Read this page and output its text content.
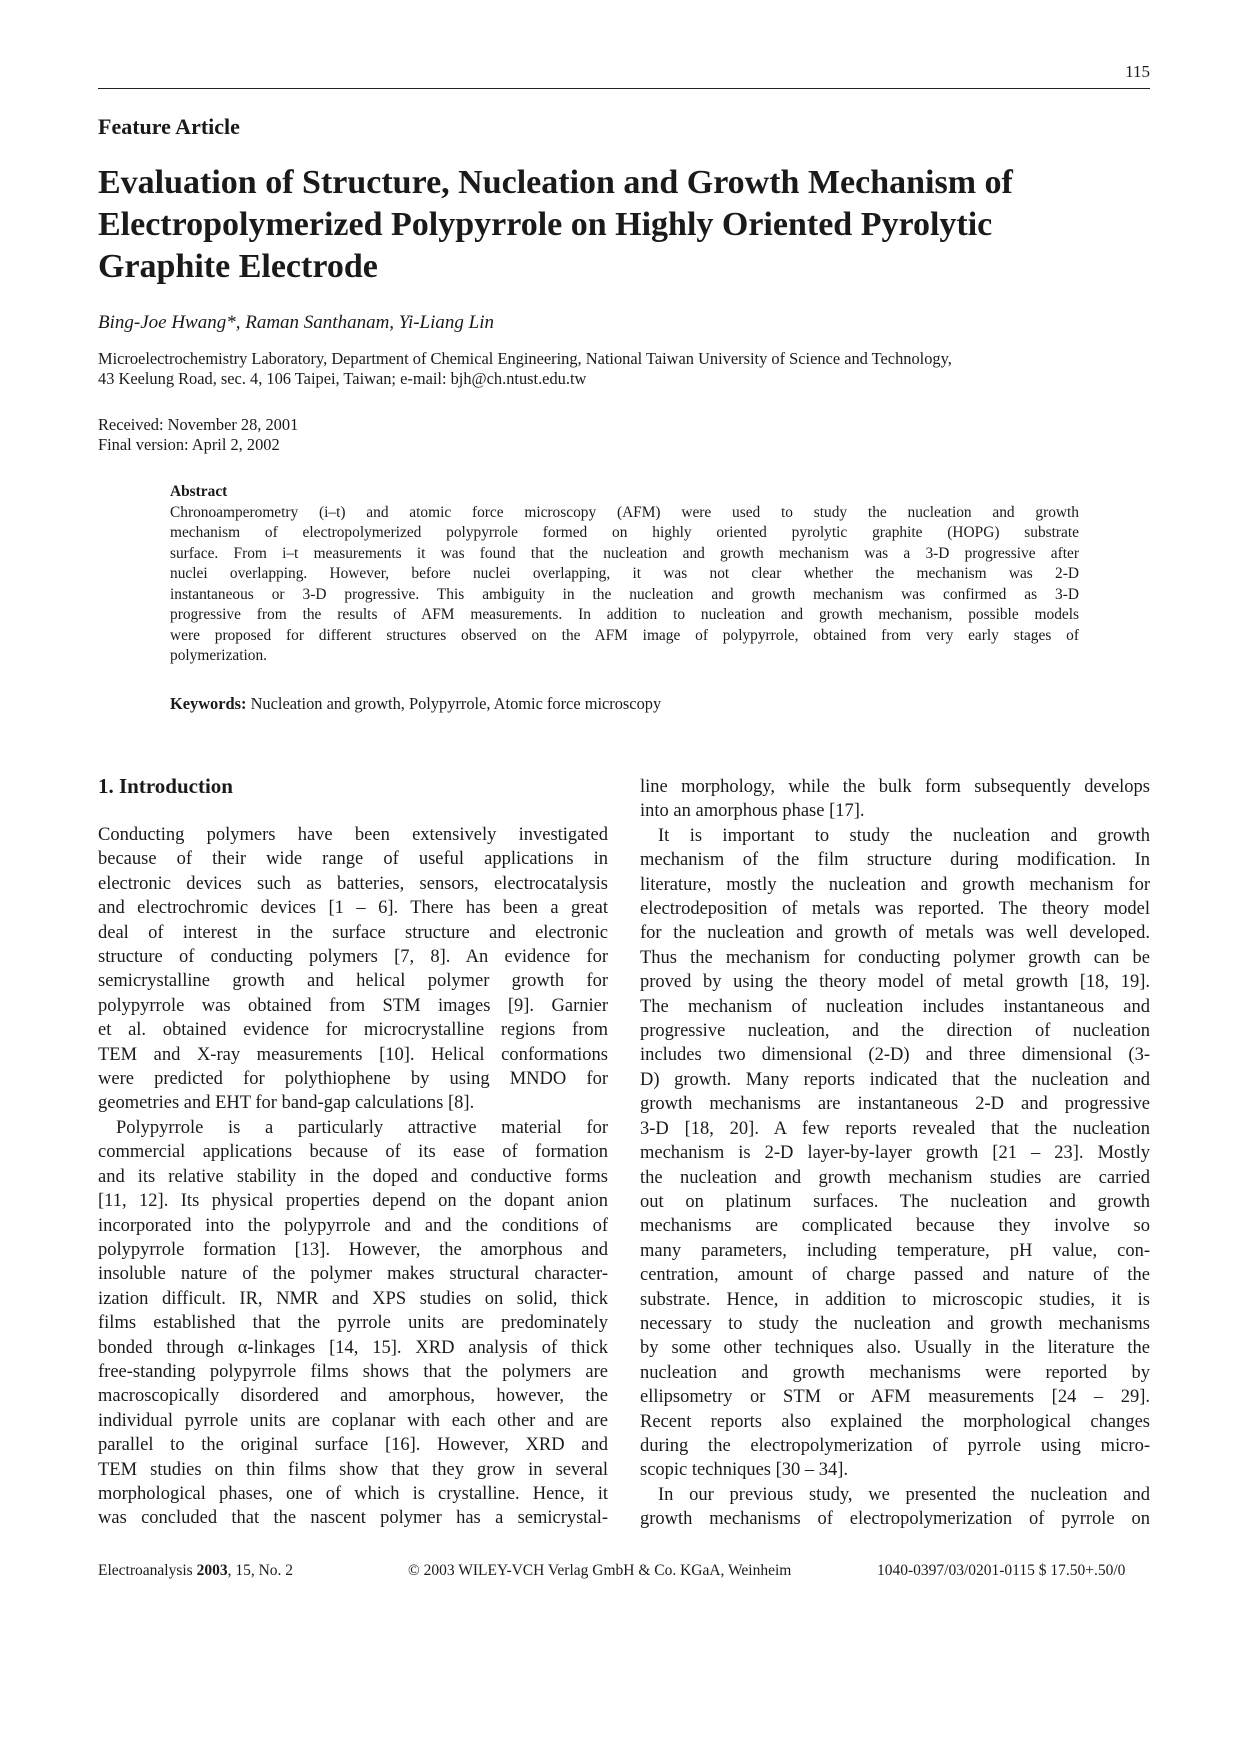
115
Feature Article
Evaluation of Structure, Nucleation and Growth Mechanism of
Electropolymerized Polypyrrole on Highly Oriented Pyrolytic
Graphite Electrode
Bing-Joe Hwang*, Raman Santhanam, Yi-Liang Lin
Microelectrochemistry Laboratory, Department of Chemical Engineering, National Taiwan University of Science and Technology,
43 Keelung Road, sec. 4, 106 Taipei, Taiwan; e-mail: bjh@ch.ntust.edu.tw
Received: November 28, 2001
Final version: April 2, 2002
Abstract
Chronoamperometry (i–t) and atomic force microscopy (AFM) were used to study the nucleation and growth
mechanism of electropolymerized polypyrrole formed on highly oriented pyrolytic graphite (HOPG) substrate
surface. From i–t measurements it was found that the nucleation and growth mechanism was a 3-D progressive after
nuclei overlapping. However, before nuclei overlapping, it was not clear whether the mechanism was 2-D
instantaneous or 3-D progressive. This ambiguity in the nucleation and growth mechanism was confirmed as 3-D
progressive from the results of AFM measurements. In addition to nucleation and growth mechanism, possible models
were proposed for different structures observed on the AFM image of polypyrrole, obtained from very early stages of
polymerization.
Keywords: Nucleation and growth, Polypyrrole, Atomic force microscopy
1. Introduction
Conducting polymers have been extensively investigated
because of their wide range of useful applications in
electronic devices such as batteries, sensors, electrocatalysis
and electrochromic devices [1 – 6]. There has been a great
deal of interest in the surface structure and electronic
structure of conducting polymers [7, 8]. An evidence for
semicrystalline growth and helical polymer growth for
polypyrrole was obtained from STM images [9]. Garnier
et al. obtained evidence for microcrystalline regions from
TEM and X-ray measurements [10]. Helical conformations
were predicted for polythiophene by using MNDO for
geometries and EHT for band-gap calculations [8].
Polypyrrole is a particularly attractive material for
commercial applications because of its ease of formation
and its relative stability in the doped and conductive forms
[11, 12]. Its physical properties depend on the dopant anion
incorporated into the polypyrrole and and the conditions of
polypyrrole formation [13]. However, the amorphous and
insoluble nature of the polymer makes structural character-
ization difficult. IR, NMR and XPS studies on solid, thick
films established that the pyrrole units are predominately
bonded through α-linkages [14, 15]. XRD analysis of thick
free-standing polypyrrole films shows that the polymers are
macroscopically disordered and amorphous, however, the
individual pyrrole units are coplanar with each other and are
parallel to the original surface [16]. However, XRD and
TEM studies on thin films show that they grow in several
morphological phases, one of which is crystalline. Hence, it
was concluded that the nascent polymer has a semicrystal-
line morphology, while the bulk form subsequently develops
into an amorphous phase [17].
It is important to study the nucleation and growth
mechanism of the film structure during modification. In
literature, mostly the nucleation and growth mechanism for
electrodeposition of metals was reported. The theory model
for the nucleation and growth of metals was well developed.
Thus the mechanism for conducting polymer growth can be
proved by using the theory model of metal growth [18, 19].
The mechanism of nucleation includes instantaneous and
progressive nucleation, and the direction of nucleation
includes two dimensional (2-D) and three dimensional (3-
D) growth. Many reports indicated that the nucleation and
growth mechanisms are instantaneous 2-D and progressive
3-D [18, 20]. A few reports revealed that the nucleation
mechanism is 2-D layer-by-layer growth [21 – 23]. Mostly
the nucleation and growth mechanism studies are carried
out on platinum surfaces. The nucleation and growth
mechanisms are complicated because they involve so
many parameters, including temperature, pH value, con-
centration, amount of charge passed and nature of the
substrate. Hence, in addition to microscopic studies, it is
necessary to study the nucleation and growth mechanisms
by some other techniques also. Usually in the literature the
nucleation and growth mechanisms were reported by
ellipsometry or STM or AFM measurements [24 – 29].
Recent reports also explained the morphological changes
during the electropolymerization of pyrrole using micro-
scopic techniques [30 – 34].
In our previous study, we presented the nucleation and
growth mechanisms of electropolymerization of pyrrole on
Electroanalysis 2003, 15, No. 2	© 2003 WILEY-VCH Verlag GmbH & Co. KGaA, Weinheim	1040-0397/03/0201-0115 $ 17.50+.50/0
